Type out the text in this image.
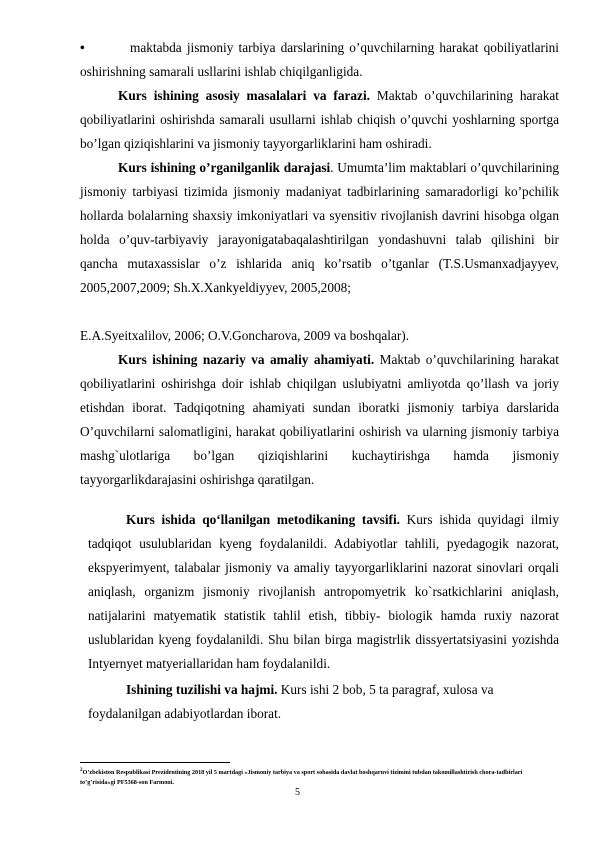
•	maktabda jismoniy tarbiya darslarining o’quvchilarning harakat qobiliyatlarini oshirishning samarali usllarini ishlab chiqilganligida.

Kurs ishining asosiy masalalari va farazi. Maktab o’quvchilarining harakat qobiliyatlarini oshirishda samarali usullarni ishlab chiqish o’quvchi yoshlarning sportga bo’lgan qiziqishlarini va jismoniy tayyorgarliklarini ham oshiradi.

Kurs ishining o’rganilganlik darajasi. Umumta’lim maktablari o’quvchilarining jismoniy tarbiyasi tizimida jismoniy madaniyat tadbirlarining samaradorligi ko’pchilik hollarda bolalarning shaxsiy imkoniyatlari va syensitiv rivojlanish davrini hisobga olgan holda o’quv-tarbiyaviy jarayonigatabaqalashtirilgan yondashuvni talab qilishini bir qancha mutaxassislar o’z ishlarida aniq ko’rsatib o’tganlar (T.S.Usmanxadjayyev, 2005,2007,2009; Sh.X.Xankyeldiyyev, 2005,2008;

E.A.Syeitxalilov, 2006; O.V.Goncharova, 2009 va boshqalar).

Kurs ishining nazariy va amaliy ahamiyati. Maktab o’quvchilarining harakat qobiliyatlarini oshirishga doir ishlab chiqilgan uslubiyatni amliyotda qo’llash va joriy etishdan iborat. Tadqiqotning ahamiyati sundan iboratki jismoniy tarbiya darslarida O’quvchilarni salomatligini, harakat qobiliyatlarini oshirish va ularning jismoniy tarbiya mashg`ulotlariga bo’lgan qiziqishlarini kuchaytirishga hamda jismoniy tayyorgarlikdarajasini oshirishga qaratilgan.

Kurs ishida qo‘llanilgan metodikaning tavsifi. Kurs ishida quyidagi ilmiy tadqiqot usulublaridan kyeng foydalanildi. Adabiyotlar tahlili, pyedagogik nazorat, ekspyerimyent, talabalar jismoniy va amaliy tayyorgarliklarini nazorat sinovlari orqali aniqlash, organizm jismoniy rivojlanish antropomyetrik ko`rsatkichlarini aniqlash, natijalarini matyematik statistik tahlil etish, tibbiy- biologik hamda ruxiy nazorat uslublaridan kyeng foydalanildi. Shu bilan birga magistrlik dissyertatsiyasini yozishda Intyernyet matyeriallaridan ham foydalanildi.

Ishining tuzilishi va hajmi. Kurs ishi 2 bob, 5 ta paragraf, xulosa va foydalanilgan adabiyotlardan iborat.

$^2$O’zbekiston Respublikasi Prezidentining 2018 yil 5 martdagi «Jismoniy tarbiya va sport sohasida davlat boshqaruvi tizimini tubdan takomillashtirish chora-tadbirlari to’g’risida»gi PF5368-son Farmoni.

5
